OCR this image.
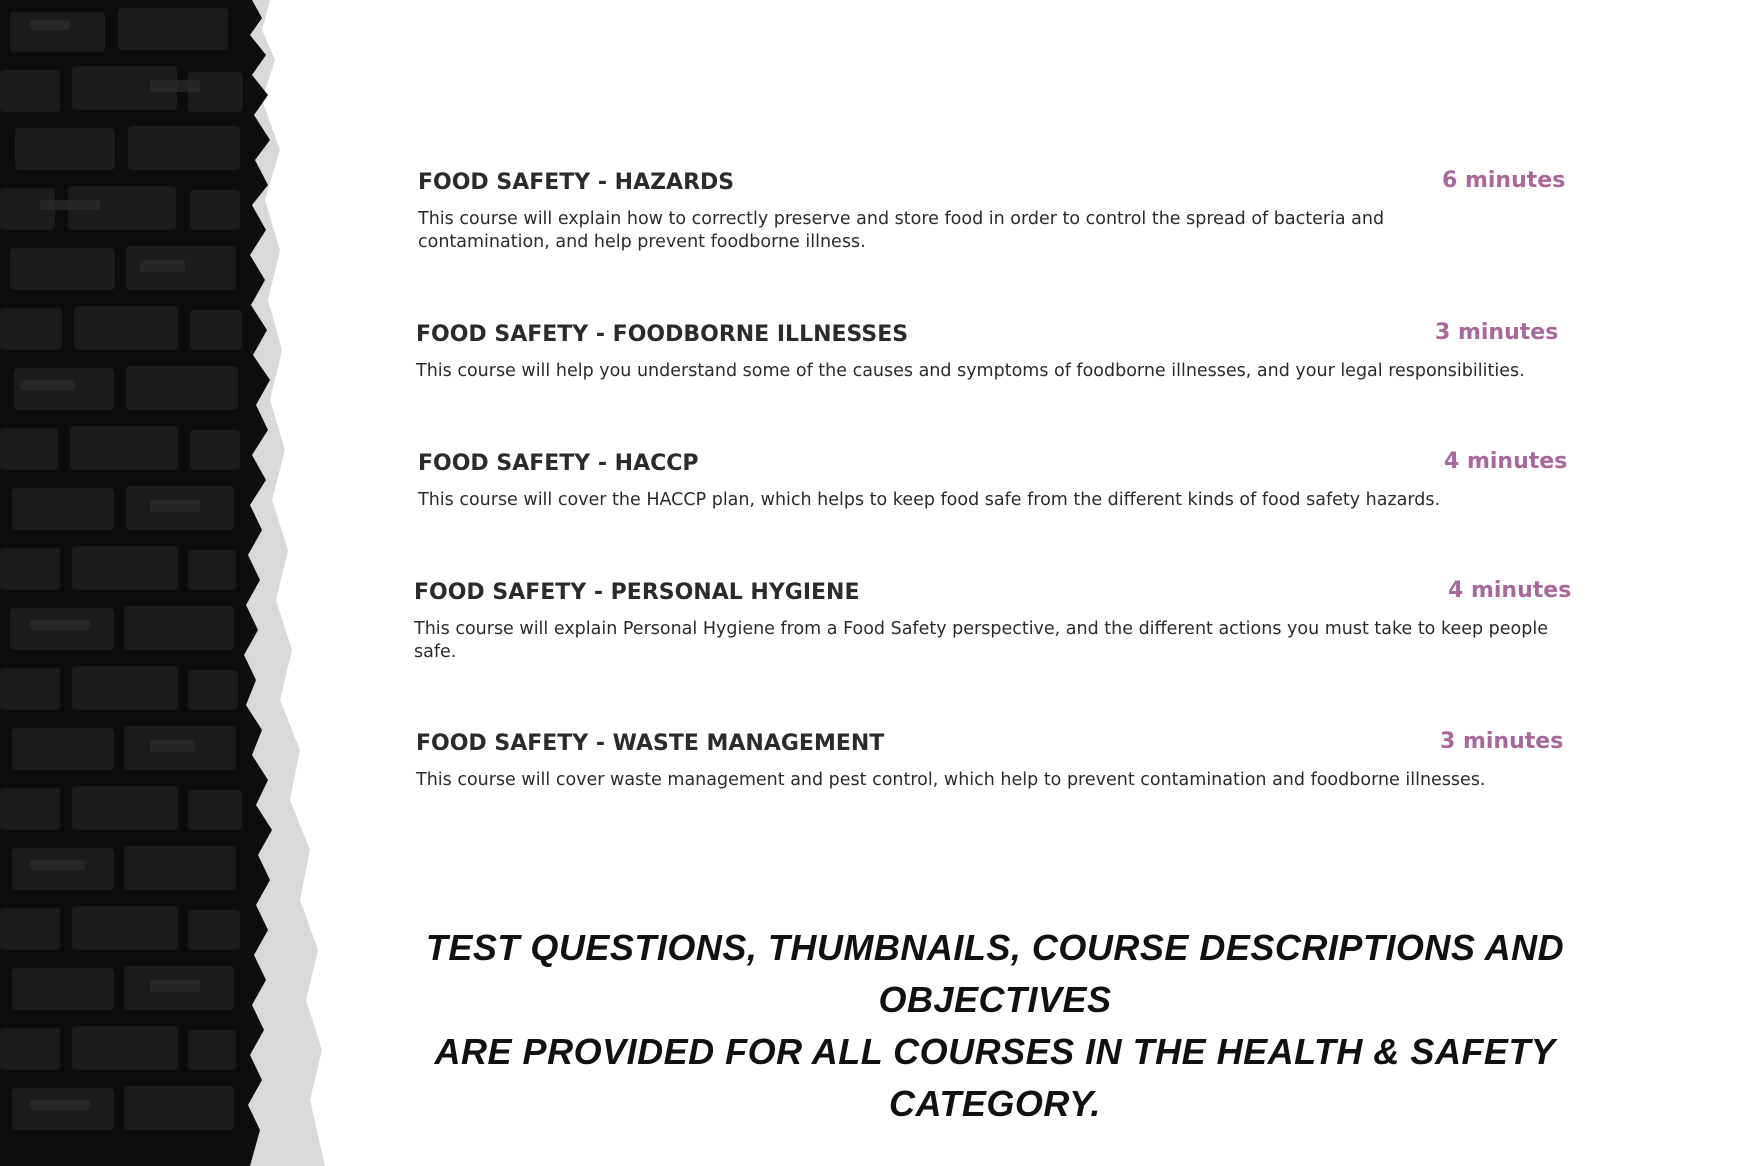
FOOD SAFETY - HAZARDS	6 minutes
This course will explain how to correctly preserve and store food in order to control the spread of bacteria and contamination, and help prevent foodborne illness.
FOOD SAFETY - FOODBORNE ILLNESSES	3 minutes
This course will help you understand some of the causes and symptoms of foodborne illnesses, and your legal responsibilities.
FOOD SAFETY - HACCP	4 minutes
This course will cover the HACCP plan, which helps to keep food safe from the different kinds of food safety hazards.
FOOD SAFETY - PERSONAL HYGIENE	4 minutes
This course will explain Personal Hygiene from a Food Safety perspective, and the different actions you must take to keep people safe.
FOOD SAFETY - WASTE MANAGEMENT	3 minutes
This course will cover waste management and pest control, which help to prevent contamination and foodborne illnesses.
TEST QUESTIONS, THUMBNAILS, COURSE DESCRIPTIONS AND OBJECTIVES
ARE PROVIDED FOR ALL COURSES IN THE HEALTH & SAFETY CATEGORY.
